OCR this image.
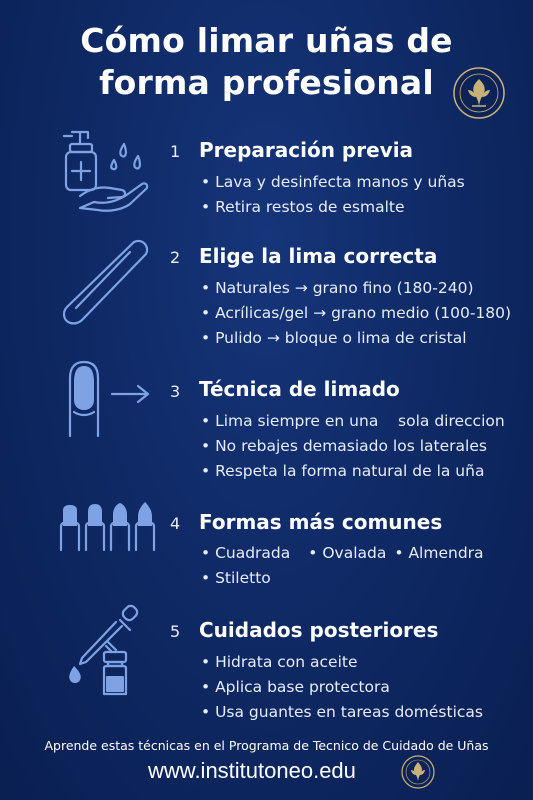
Cómo limar uñas de
forma profesional
1 Preparación previa
• Lava y desinfecta manos y uñas
• Retira restos de esmalte
2 Elige la lima correcta
• Naturales → grano fino (180-240)
• Acrílicas/gel → grano medio (100-180)
• Pulido → bloque o lima de cristal
3 Técnica de limado
• Lima siempre en una    sola direccion
• No rebajes demasiado los laterales
• Respeta la forma natural de la uña
4 Formas más comunes
• Cuadrada • Ovalada • Almendra
• Stiletto
5 Cuidados posteriores
• Hidrata con aceite
• Aplica base protectora
• Usa guantes en tareas domésticas
Aprende estas técnicas en el Programa de Tecnico de Cuidado de Uñas
www.institutoneo.edu
